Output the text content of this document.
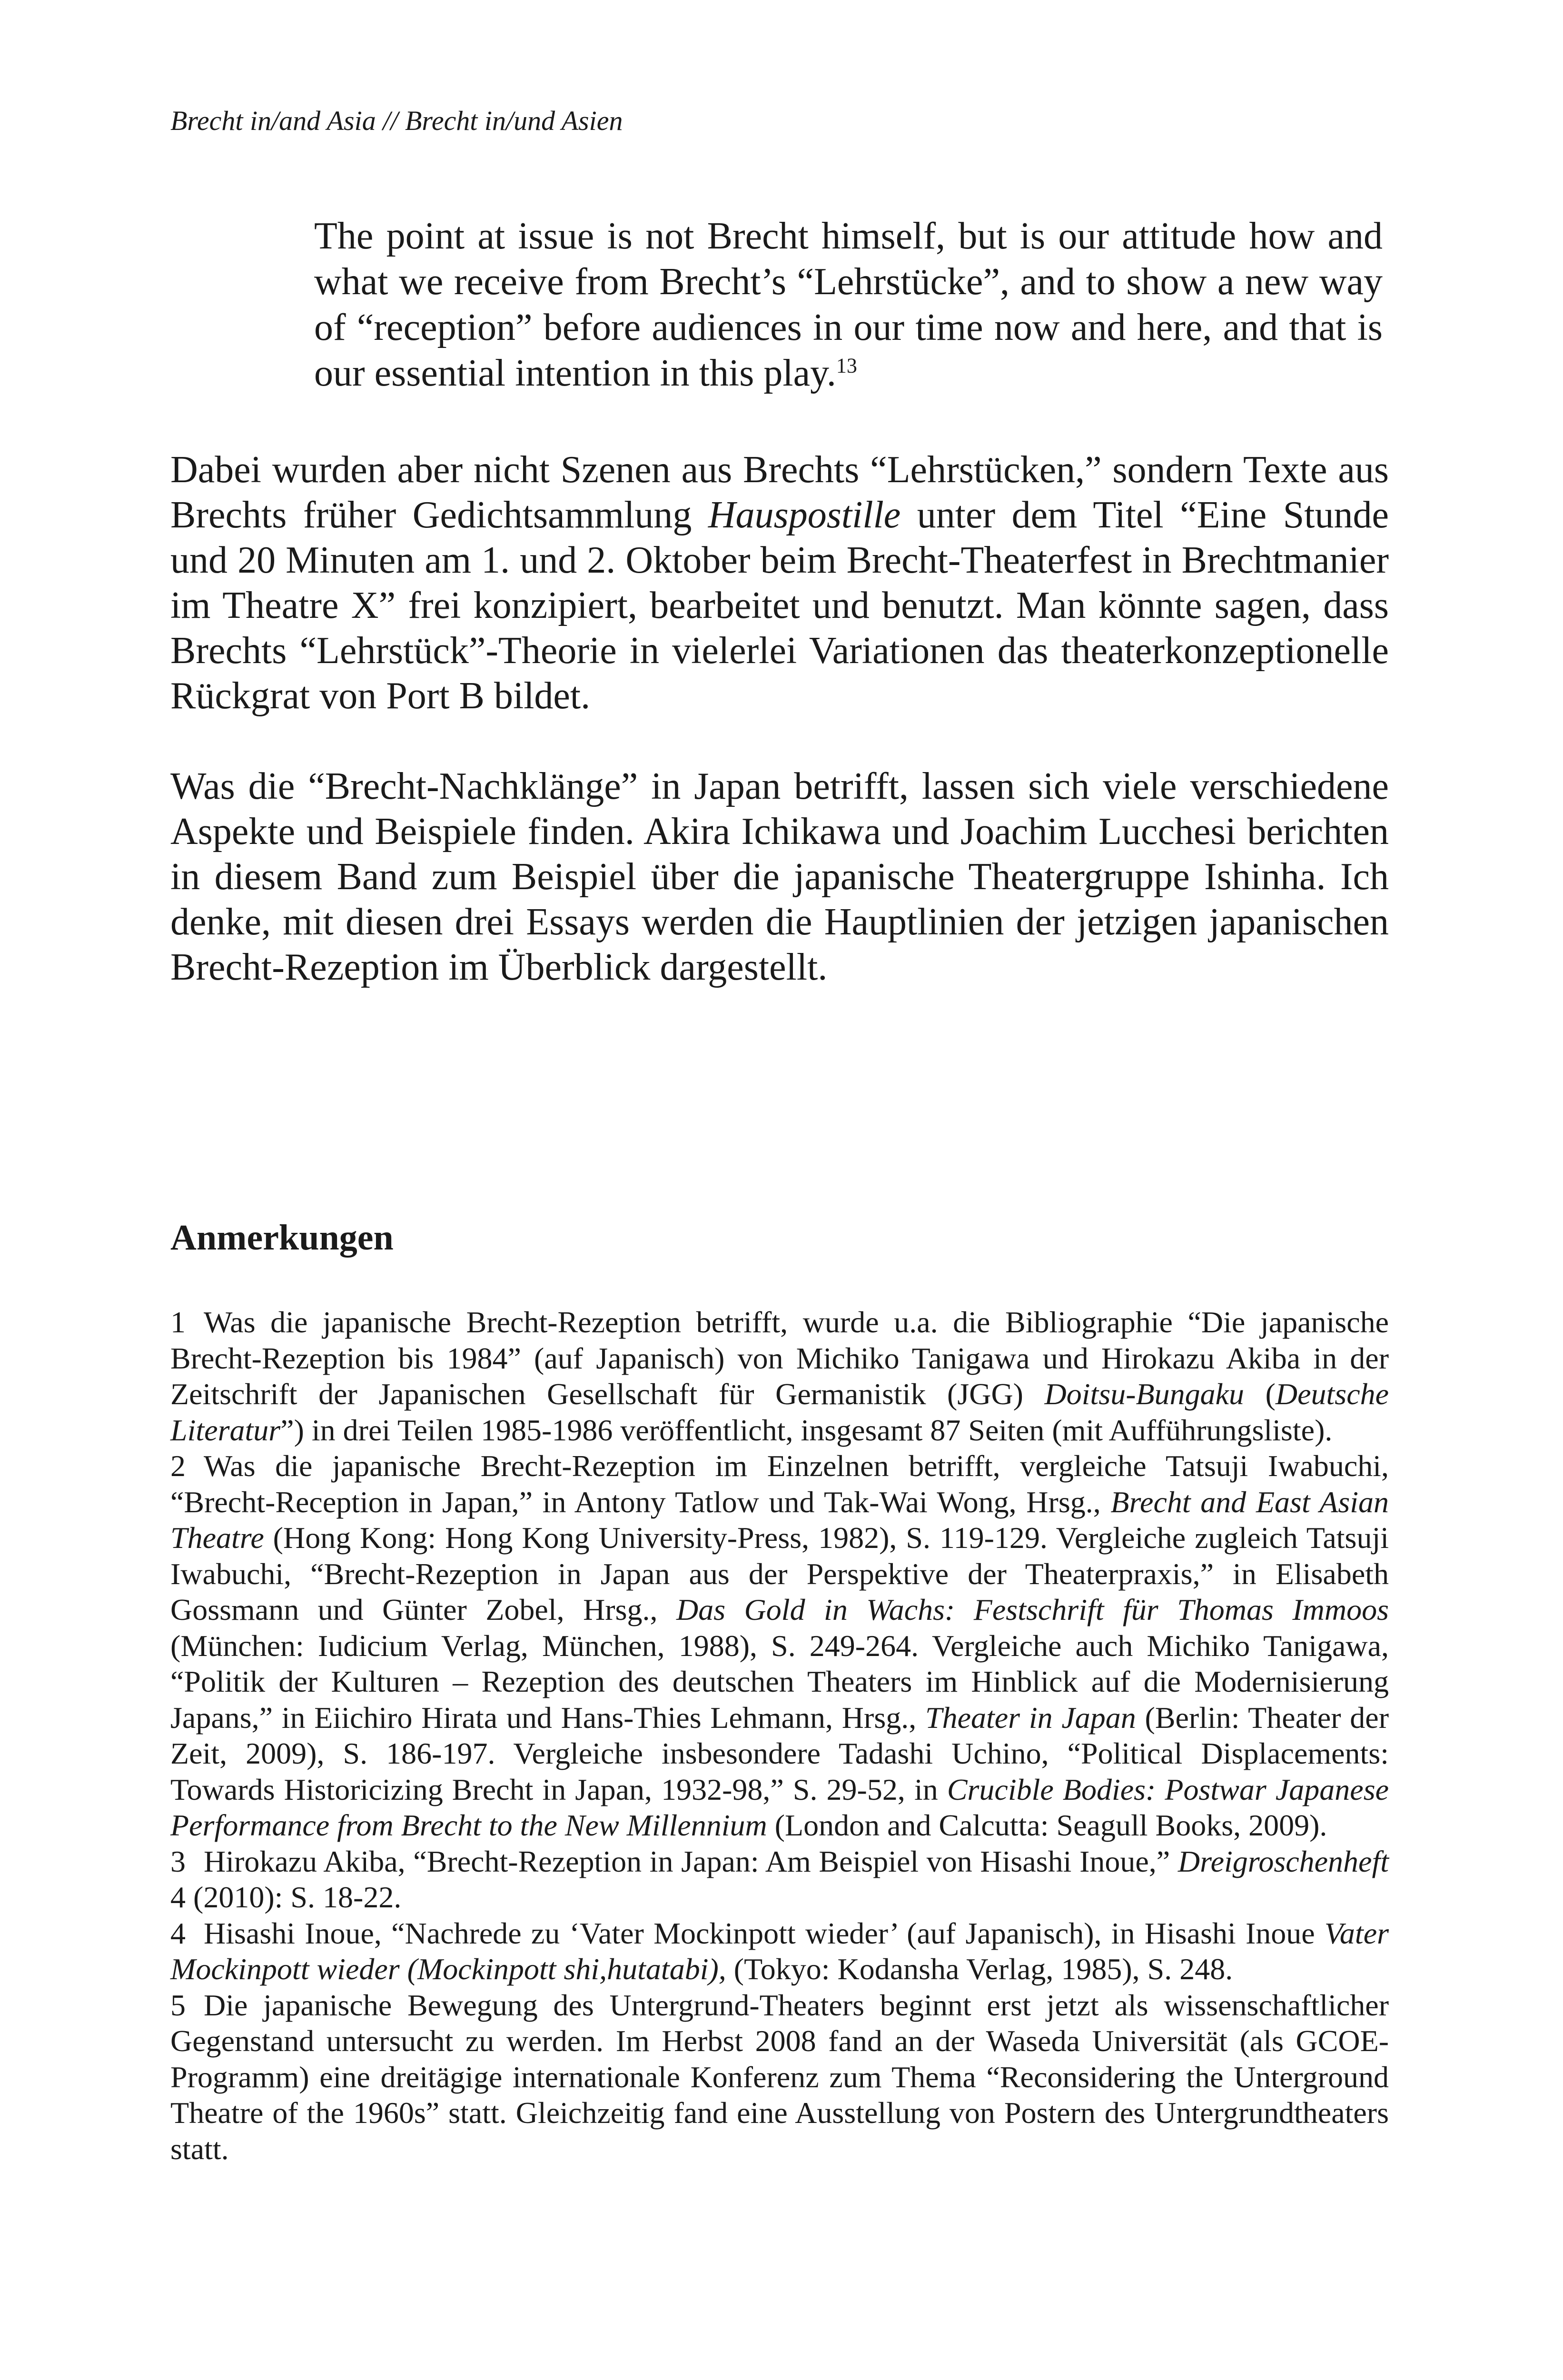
Brecht in/and Asia // Brecht in/und Asien
The point at issue is not Brecht himself, but is our attitude how and what we receive from Brecht’s “Lehrstücke”, and to show a new way of “reception” before audiences in our time now and here, and that is our essential intention in this play.$^{13}$
Dabei wurden aber nicht Szenen aus Brechts “Lehrstücken,” sondern Texte aus Brechts früher Gedichtsammlung Hauspostille unter dem Titel “Eine Stunde und 20 Minuten am 1. und 2. Oktober beim Brecht-Theaterfest in Brechtmanier im Theatre X” frei konzipiert, bearbeitet und benutzt. Man könnte sagen, dass Brechts “Lehrstück”-Theorie in vielerlei Variationen das theaterkonzeptionelle Rückgrat von Port B bildet.
Was die “Brecht-Nachklänge” in Japan betrifft, lassen sich viele verschiedene Aspekte und Beispiele finden. Akira Ichikawa und Joachim Lucchesi berichten in diesem Band zum Beispiel über die japanische Theatergruppe Ishinha. Ich denke, mit diesen drei Essays werden die Hauptlinien der jetzigen japanischen Brecht-Rezeption im Überblick dargestellt.
Anmerkungen

1 Was die japanische Brecht-Rezeption betrifft, wurde u.a. die Bibliographie “Die japanische Brecht-Rezeption bis 1984” (auf Japanisch) von Michiko Tanigawa und Hirokazu Akiba in der Zeitschrift der Japanischen Gesellschaft für Germanistik (JGG) Doitsu-Bungaku (Deutsche Literatur”) in drei Teilen 1985-1986 veröffentlicht, insgesamt 87 Seiten (mit Aufführungsliste).

2 Was die japanische Brecht-Rezeption im Einzelnen betrifft, vergleiche Tatsuji Iwabuchi, “Brecht-Reception in Japan,” in Antony Tatlow und Tak-Wai Wong, Hrsg., Brecht and East Asian Theatre (Hong Kong: Hong Kong University-Press, 1982), S. 119-129. Vergleiche zugleich Tatsuji Iwabuchi, “Brecht-Rezeption in Japan aus der Perspektive der Theaterpraxis,” in Elisabeth Gossmann und Günter Zobel, Hrsg., Das Gold in Wachs: Festschrift für Thomas Immoos (München: Iudicium Verlag, München, 1988), S. 249-264. Vergleiche auch Michiko Tanigawa, “Politik der Kulturen – Rezeption des deutschen Theaters im Hinblick auf die Modernisierung Japans,” in Eiichiro Hirata und Hans-Thies Lehmann, Hrsg., Theater in Japan (Berlin: Theater der Zeit, 2009), S. 186-197. Vergleiche insbesondere Tadashi Uchino, “Political Displacements: Towards Historicizing Brecht in Japan, 1932-98,” S. 29-52, in Crucible Bodies: Postwar Japanese Performance from Brecht to the New Millennium (London and Calcutta: Seagull Books, 2009).

3 Hirokazu Akiba, “Brecht-Rezeption in Japan: Am Beispiel von Hisashi Inoue,” Dreigroschenheft 4 (2010): S. 18-22.

4 Hisashi Inoue, “Nachrede zu ‘Vater Mockinpott wieder’ (auf Japanisch), in Hisashi Inoue Vater Mockinpott wieder (Mockinpott shi,hutatabi), (Tokyo: Kodansha Verlag, 1985), S. 248.

5 Die japanische Bewegung des Untergrund-Theaters beginnt erst jetzt als wissenschaftlicher Gegenstand untersucht zu werden. Im Herbst 2008 fand an der Waseda Universität (als GCOE-Programm) eine dreitägige internationale Konferenz zum Thema “Reconsidering the Unterground Theatre of the 1960s” statt. Gleichzeitig fand eine Ausstellung von Postern des Untergrundtheaters statt.
